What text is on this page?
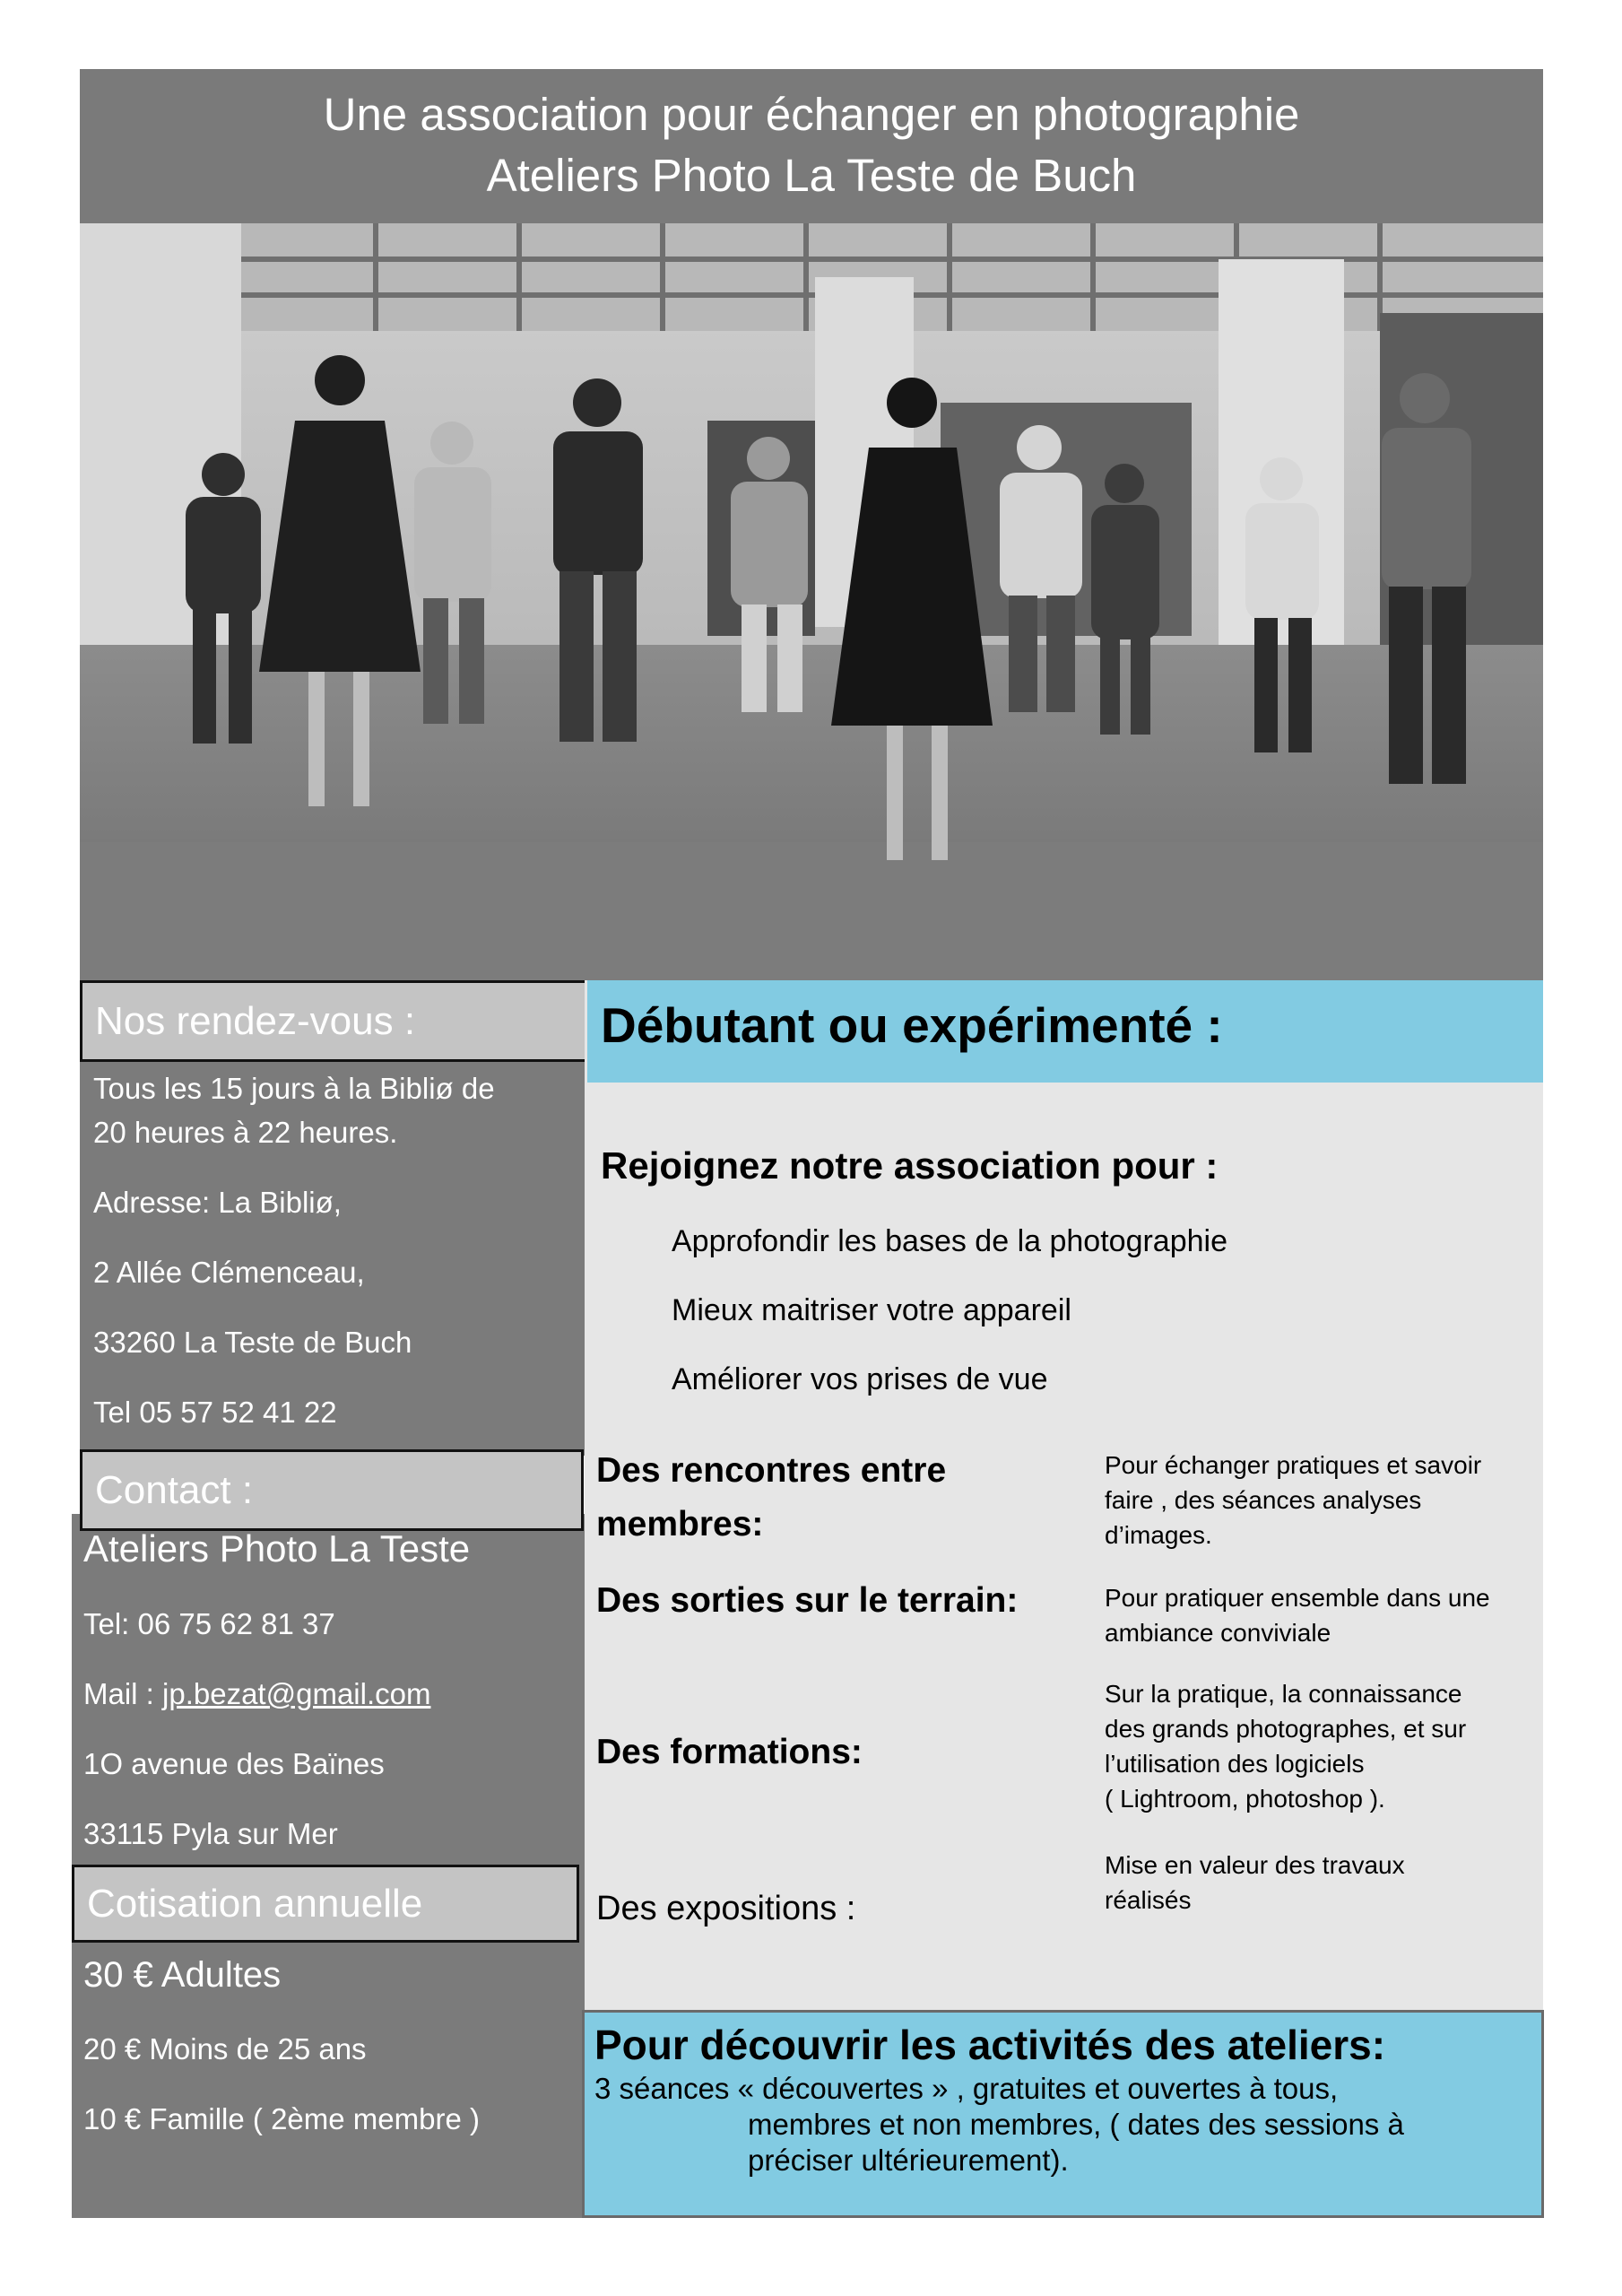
Une association pour échanger en photographie
Ateliers Photo La Teste de Buch
Nos rendez-vous :
Tous les 15 jours à la Bibliø de
20 heures à 22 heures.
Adresse: La Bibliø,
2 Allée Clémenceau,
33260 La Teste de Buch
Tel 05 57 52 41 22
Contact :
Ateliers Photo La Teste
Tel: 06 75 62 81 37
Mail : jp.bezat@gmail.com
1O avenue des Baïnes
33115 Pyla sur Mer
Cotisation annuelle
30 € Adultes
20 € Moins de 25 ans
10 € Famille ( 2ème membre )
Débutant ou expérimenté :
Rejoignez notre association pour :
Approfondir les bases de la photographie
Mieux maitriser votre appareil
Améliorer vos prises de vue
Des rencontres entre
membres:
Pour échanger pratiques et savoir
faire , des séances analyses
d’images.
Des sorties sur le terrain:	Pour pratiquer ensemble dans une
ambiance conviviale
Des formations:
Sur la pratique, la connaissance
des grands photographes, et sur
l’utilisation des logiciels
( Lightroom, photoshop ).
Des expositions :
Mise en valeur des travaux
réalisés
Pour découvrir les activités des ateliers:
3 séances « découvertes » , gratuites et ouvertes à tous,
membres et non membres, ( dates des sessions à
préciser ultérieurement).
